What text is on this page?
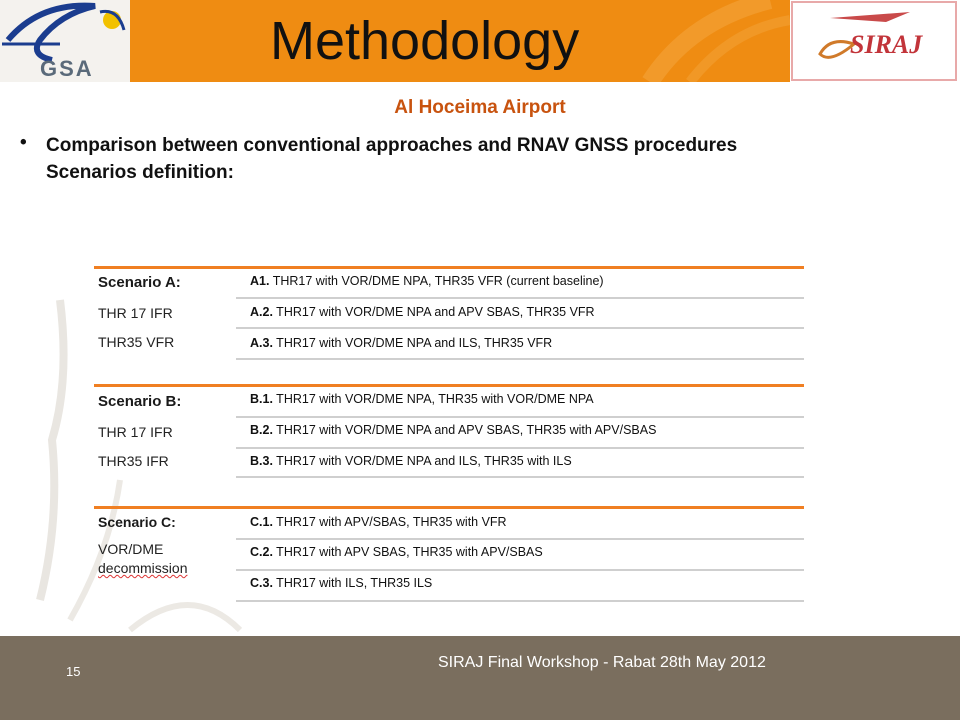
GSA	Methodology	SIRAJ
Al Hoceima Airport
• Comparison between conventional approaches and RNAV GNSS procedures
Scenarios definition:
Scenario A:
THR 17 IFR
THR35 VFR
A1. THR17 with VOR/DME NPA, THR35 VFR (current baseline)
A.2. THR17 with VOR/DME NPA and APV SBAS, THR35 VFR
A.3. THR17 with VOR/DME NPA and ILS, THR35 VFR
Scenario B:
THR 17 IFR
THR35 IFR
B.1. THR17 with VOR/DME NPA, THR35 with VOR/DME NPA
B.2. THR17 with VOR/DME NPA and APV SBAS, THR35 with APV/SBAS
B.3. THR17 with VOR/DME NPA and ILS, THR35 with ILS
Scenario C:
VOR/DME
decommission
C.1. THR17 with APV/SBAS, THR35 with VFR
C.2. THR17 with APV SBAS, THR35 with APV/SBAS
C.3. THR17 with ILS, THR35 ILS
15
SIRAJ Final Workshop - Rabat 28th May 2012
